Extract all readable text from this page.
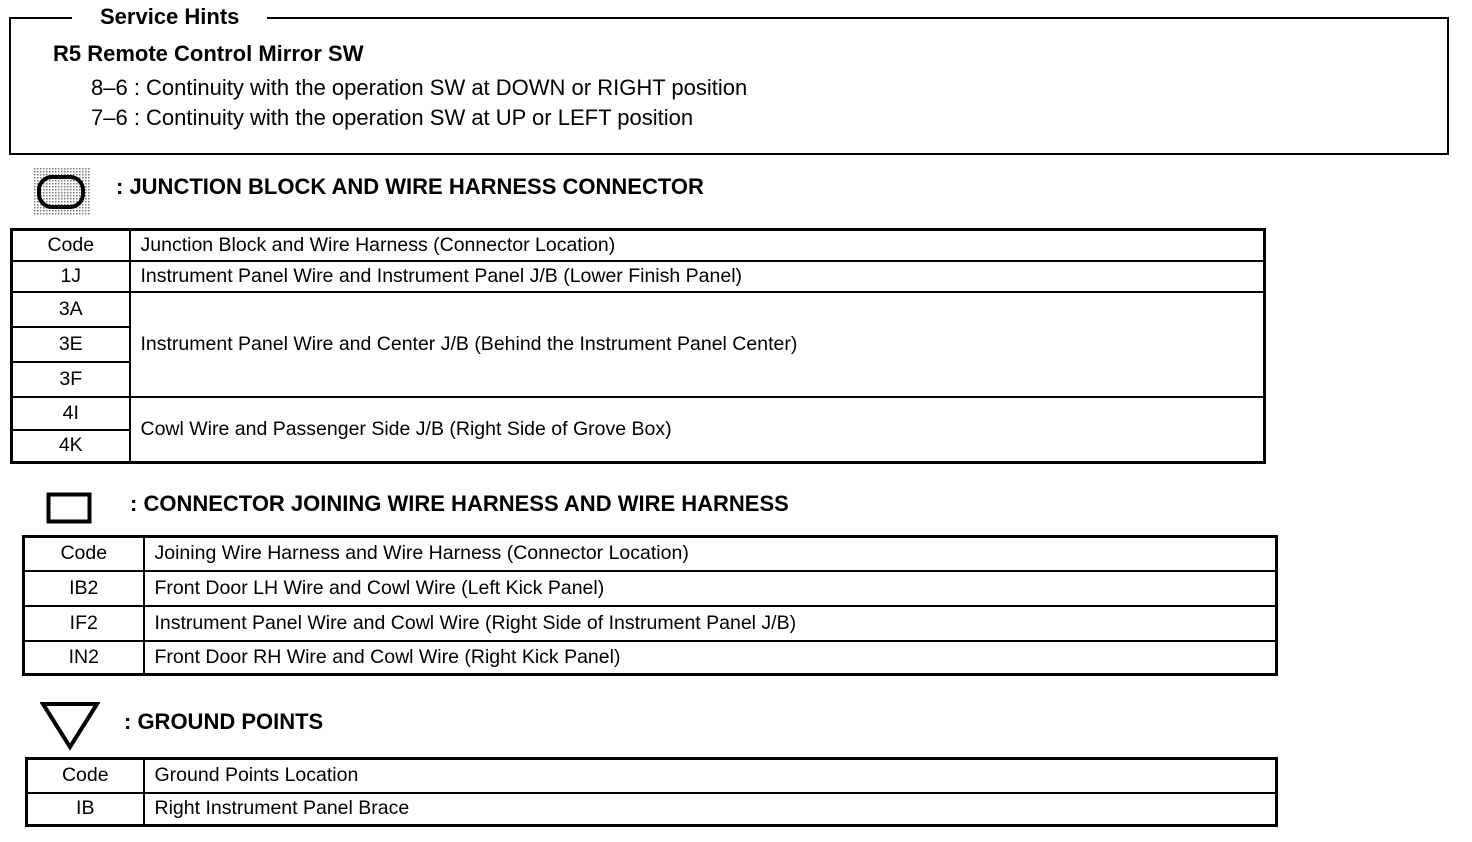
R5 Remote Control Mirror SW
8–6 : Continuity with the operation SW at DOWN or RIGHT position
7–6 : Continuity with the operation SW at UP or LEFT position
Service Hints
: JUNCTION BLOCK AND WIRE HARNESS CONNECTOR
Code	Junction Block and Wire Harness (Connector Location)
1J	Instrument Panel Wire and Instrument Panel J/B (Lower Finish Panel)
3A	Instrument Panel Wire and Center J/B (Behind the Instrument Panel Center)
3E	
3F	
4I	Cowl Wire and Passenger Side J/B (Right Side of Grove Box)
4K	
: CONNECTOR JOINING WIRE HARNESS AND WIRE HARNESS
Code	Joining Wire Harness and Wire Harness (Connector Location)
IB2	Front Door LH Wire and Cowl Wire (Left Kick Panel)
IF2	Instrument Panel Wire and Cowl Wire (Right Side of Instrument Panel J/B)
IN2	Front Door RH Wire and Cowl Wire (Right Kick Panel)
: GROUND POINTS
Code	Ground Points Location
IB	Right Instrument Panel Brace
